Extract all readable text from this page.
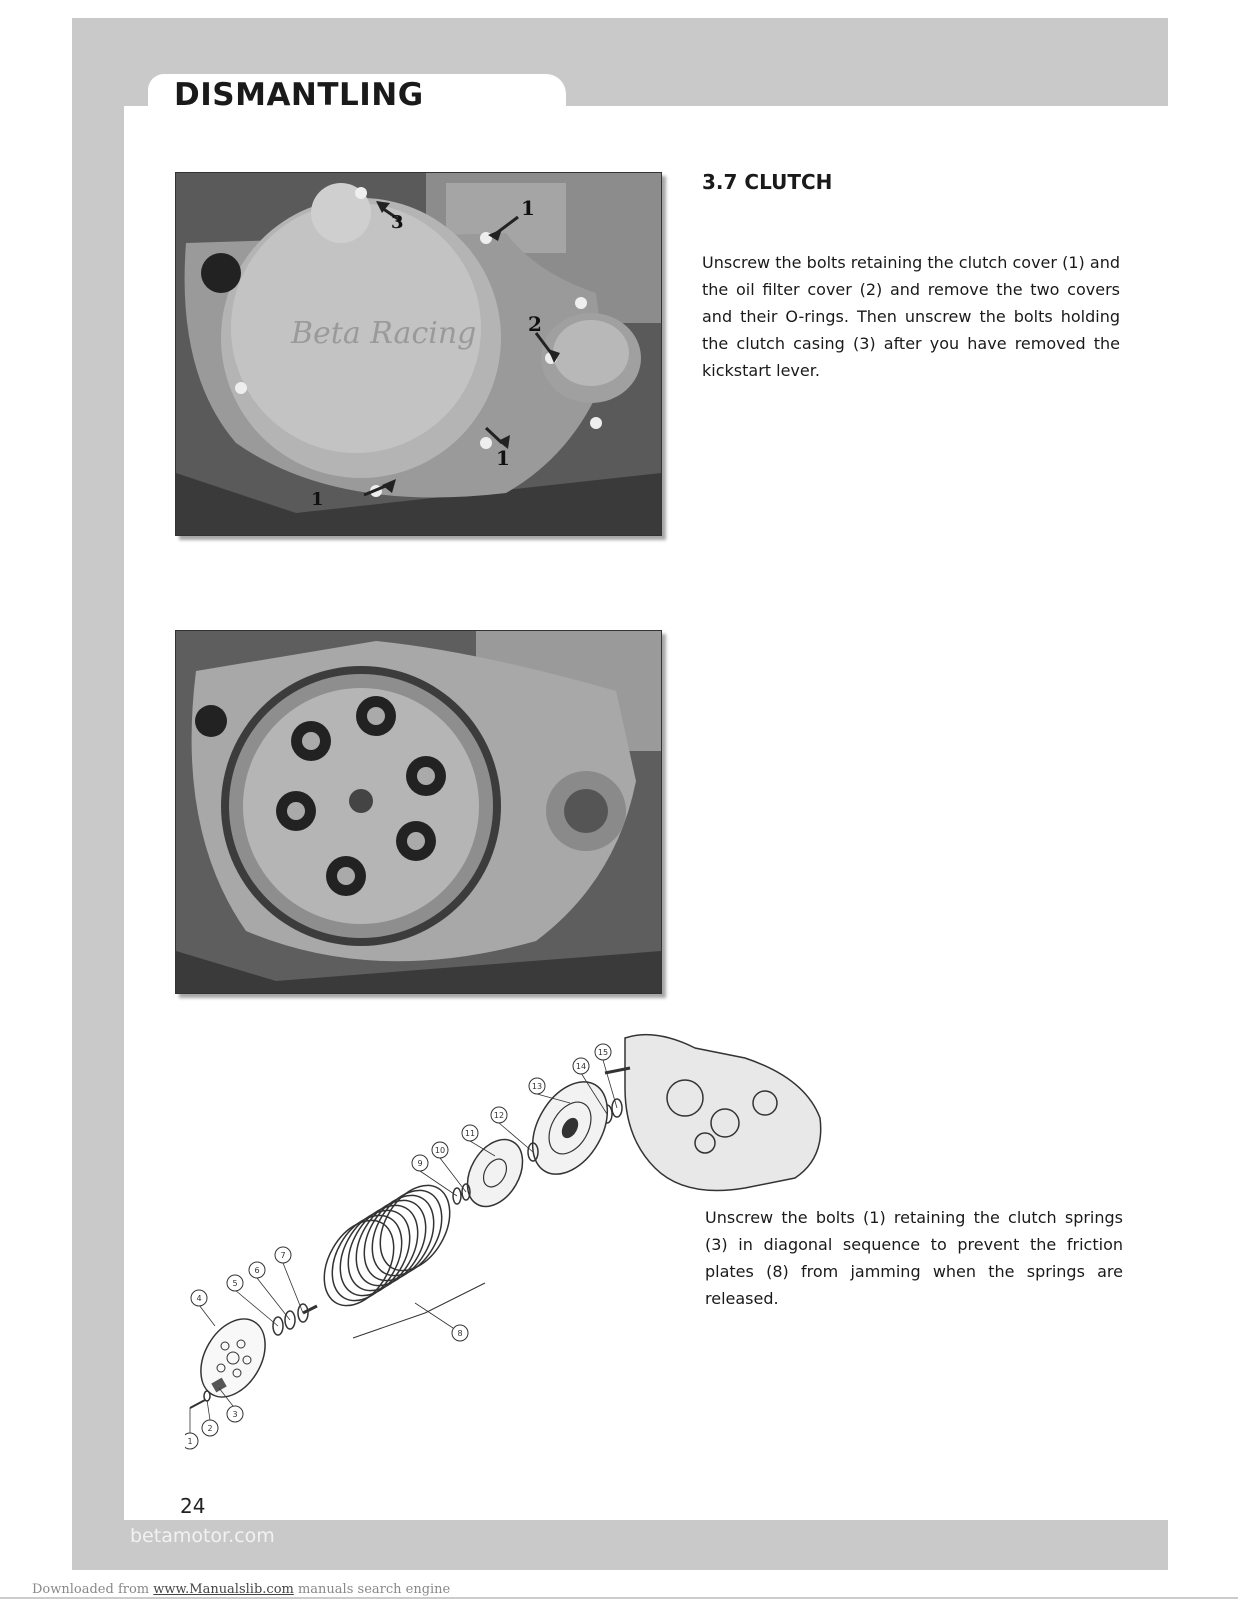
DISMANTLING
3
1
2
1
1
Beta Racing
3.7 CLUTCH
Unscrew the bolts retaining the clutch cover (1) and the oil filter cover (2) and remove the two covers and their O-rings. Then unscrew the bolts holding the clutch casing (3) after you have removed the kickstart lever.
Unscrew the bolts (1) retaining the clutch springs (3) in diagonal sequence to prevent the friction plates (8) from jamming when the springs are released.
1
2
3
4
5
6
7
8
9
10
11
12
13
14
15
24
betamotor.com
Downloaded from www.Manualslib.com manuals search engine
